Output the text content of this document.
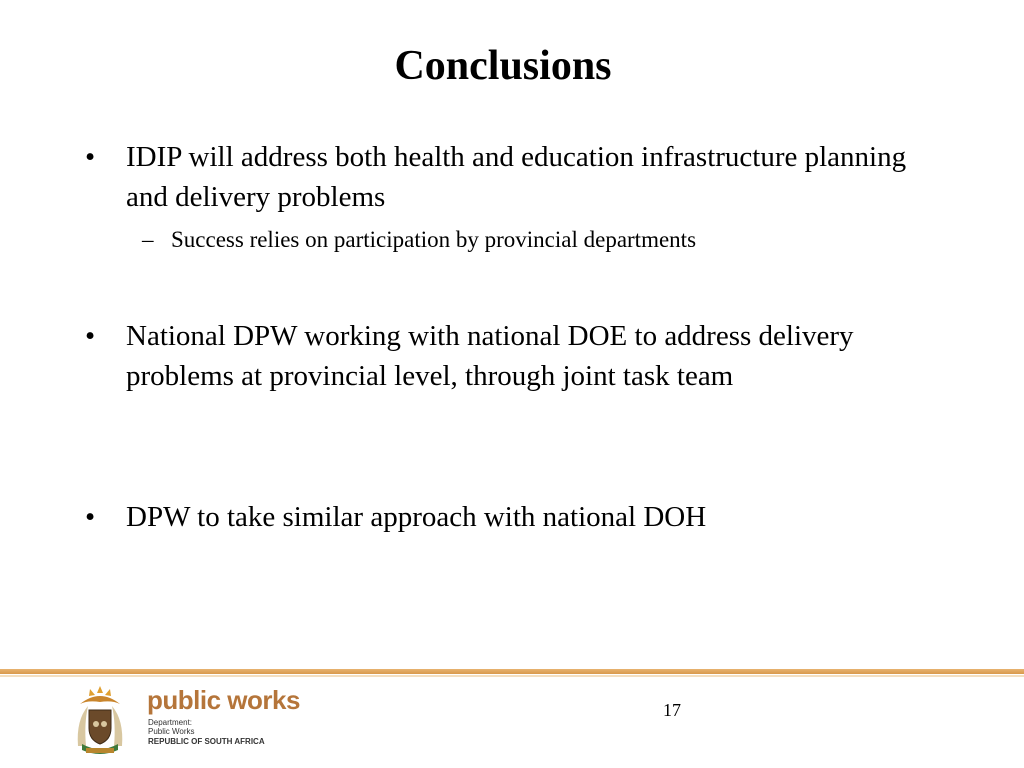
Conclusions
•	IDIP will address both health and education infrastructure planning and delivery problems
– Success relies on participation by provincial departments
•	National DPW working with national DOE to address delivery problems at provincial level, through joint task team
•	DPW to take similar approach with national DOH
public works
Department:
Public Works
REPUBLIC OF SOUTH AFRICA
17
